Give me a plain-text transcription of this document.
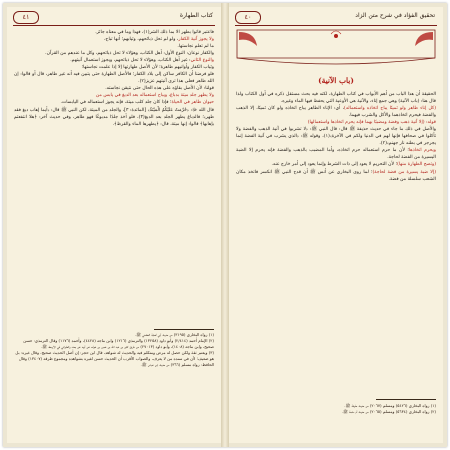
كتاب الطهارة
٤١

فاعتبر قاتوا بطهر الا بما ذلك الشر(١)، فهذا وما في معناه جائز.

ولا يجوز آنية الكفار، ولو لم تحل ذبائحهم، وثيابهم؛ أنها تباح،

ما لم تعلم نجاستها.

والكفار نوعان: النوع الأول: أهل الكتاب، وهؤلاء لا تحل ذبائحهم، وكل ما عندهم من القرآن.

والنوع الثاني: غير أهل الكتاب، وهؤلاء لا تحل ذبائحهم، ويجوز استعمال آنيتهم.

وثياب الكفار وأوانيهم طاهرة؛ لأن الأصل طهارتها إلا إذا علمت نجاستها؛

فلو فرضنا أن الكافر ساكن إلى بلاد الكفار؛ فالأصل الطهارة حتى يتبين فيه أنه غير طاهر، قال أو قالوا: إن الله طاهر فعلى هذا ترى آنيتهم عزيز(٢).

قولنا: لأن الأصل بقاؤه على هذه الحال حتى نتيقن نجاسته.

ولا يطهر جلد ميتة بدباغ، ويباح استعماله بعد الدبغ في يابس من

حيوان طاهر في الحياة؛ فإذا كان جلد كلب ميتة، فإنه يجوز استعماله في اليابسات.

قال الله ﷻ: ﴿حُرِّمَتْ عَلَيْكُمُ الْمَيْتَةُ﴾ [المائدة: ٣]، والجلد من الميتة، لكن النبي ﷺ قال: ﴿أيما إهاب دبغ فقد طهر﴾؛ فالدباغ يطهر الجلد بعد الدبغ(٣)، فلو أخذ جلدًا مدبوغًا فهو طاهر، وفي حديث آخر: ﴿هلا انتفعتم بإهابها﴾ قالوا: إنها ميتة، قال: ﴿يطهرها الماء والقرظ﴾.

(١) رواه البخاري (٣١٩٥) من حديث أبي ثعلبة الخشني ﷺ.

(٢) الإمام أحمد (٢/٤١٤) وأبو داود (١٣٢٥٨) والترمذي (١٢١٦) وابن ماجه (٤٤٢٨)، وأحمد (١١٧٦) وقال الترمذي: حسن صحيح، وابن ماجه (١٤٠٨)، وأبو داود (٢٧٠١٣) من طريق كثير بن عبد الله بن عمرو بن عوف عن أبيه عن جده، والطبراني في الأوسط ﷺ.

(٣) ويعتبر ثقة ولكن حصل له مرض ومتكلم فيه والحديث له شواهد، قال ابن حجر: إن أصل الحديث صحيح، وقال غيره: بل هو ضعيف؛ لأن في سنده من لا يعرف، والصواب الأقرب أن الحديث حسن لغيره بشواهده ومجموع طرقه (١٣٤٠٧) وقال الحافظ: رواه مسلم (٣٦٦) من حديث ابن عباس ﷺ.

تحقيق الفؤاد في شرح متن الزاد
٤٠
(باب الآنية)

الحقيقة أن هذا الباب من أهم الأبواب في كتاب الطهارة، لكنه فيه بحث مستقل ذكره في أول الكتاب ولذا قال هنا: (باب الآنية) وهي جمع إناء، والآنية هي الأوعية التي يحفظ فيها الماء وغيره.

(كل إناء طاهر ولو ثمينًا يباح اتخاذه واستعماله)، أي: الإناء الطاهر يباح اتخاذه ولو كان ثمينًا، إلا الذهب والفضة فيحرم اتخاذهما والأكل والشرب فيهما.

قوله: (إلا آنية ذهب وفضة ومضببًا بهما فإنه يحرم اتخاذها واستعمالها)

والأصل في ذلك ما جاء في حديث حذيفة ﷺ قال: قال النبي ﷺ: ﴿لا تشربوا في آنية الذهب والفضة ولا تأكلوا في صحافها فإنها لهم في الدنيا ولكم في الآخرة﴾(١)، وقوله ﷺ: ﴿الذي يشرب في آنية الفضة إنما يجرجر في بطنه نار جهنم﴾(٢).

ويحرم اتخاذها؛ لأن ما حرم استعماله حرم اتخاذه، وأما المضبب بالذهب والفضة فإنه يحرم إلا الضبة اليسيرة من الفضة لحاجة.

(وتصح الطهارة منها)؛ لأن التحريم لا يعود إلى ذات الشرط وإنما يعود إلى أمر خارج عنه.

(إلا ضبة يسيرة من فضة لحاجة)؛ لما روى البخاري عن أنس ﷺ أن قدح النبي ﷺ انكسر فاتخذ مكان الشعب سلسلة من فضة.

(١) رواه البخاري (٥٤٢٦) ومسلم (٢٠٦٧) من حديث حذيفة ﷺ.

(٢) رواه البخاري (٥٦٣٤) ومسلم (٢٠٦٥) من حديث أم سلمة ﷺ.
